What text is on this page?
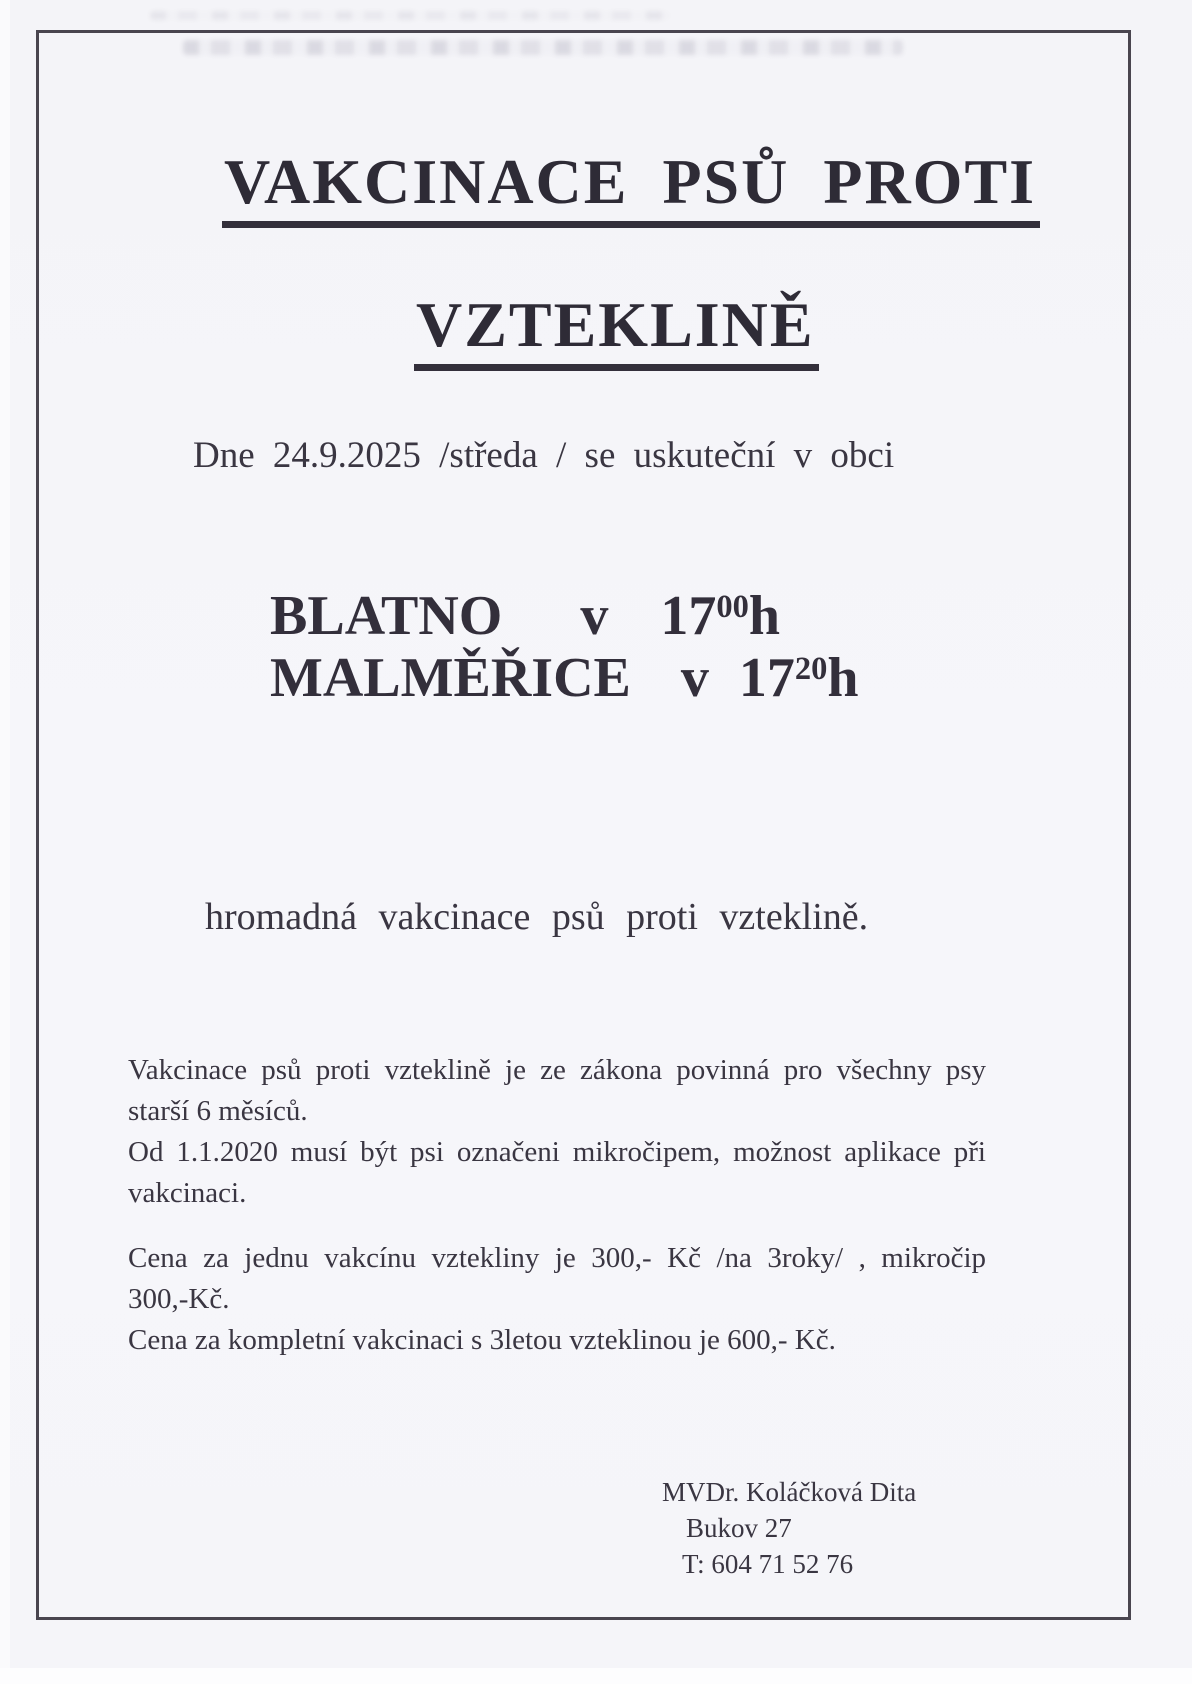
VAKCINACE PSŮ PROTI
VZTEKLINĚ
Dne 24.9.2025 /středa / se uskuteční v obci
BLATNO v $17^{00}h$
MALMĚŘICE v $17^{20}h$
hromadná vakcinace psů proti vzteklině.
Vakcinace psů proti vzteklině je ze zákona povinná pro všechny psy
starší 6 měsíců.
Od 1.1.2020 musí být psi označeni mikročipem, možnost aplikace při
vakcinaci.
Cena za jednu vakcínu vztekliny je 300,- Kč /na 3roky/ , mikročip
300,-Kč.
Cena za kompletní vakcinaci s 3letou vzteklinou je 600,- Kč.
MVDr. Koláčková Dita
Bukov 27
T: 604 71 52 76
